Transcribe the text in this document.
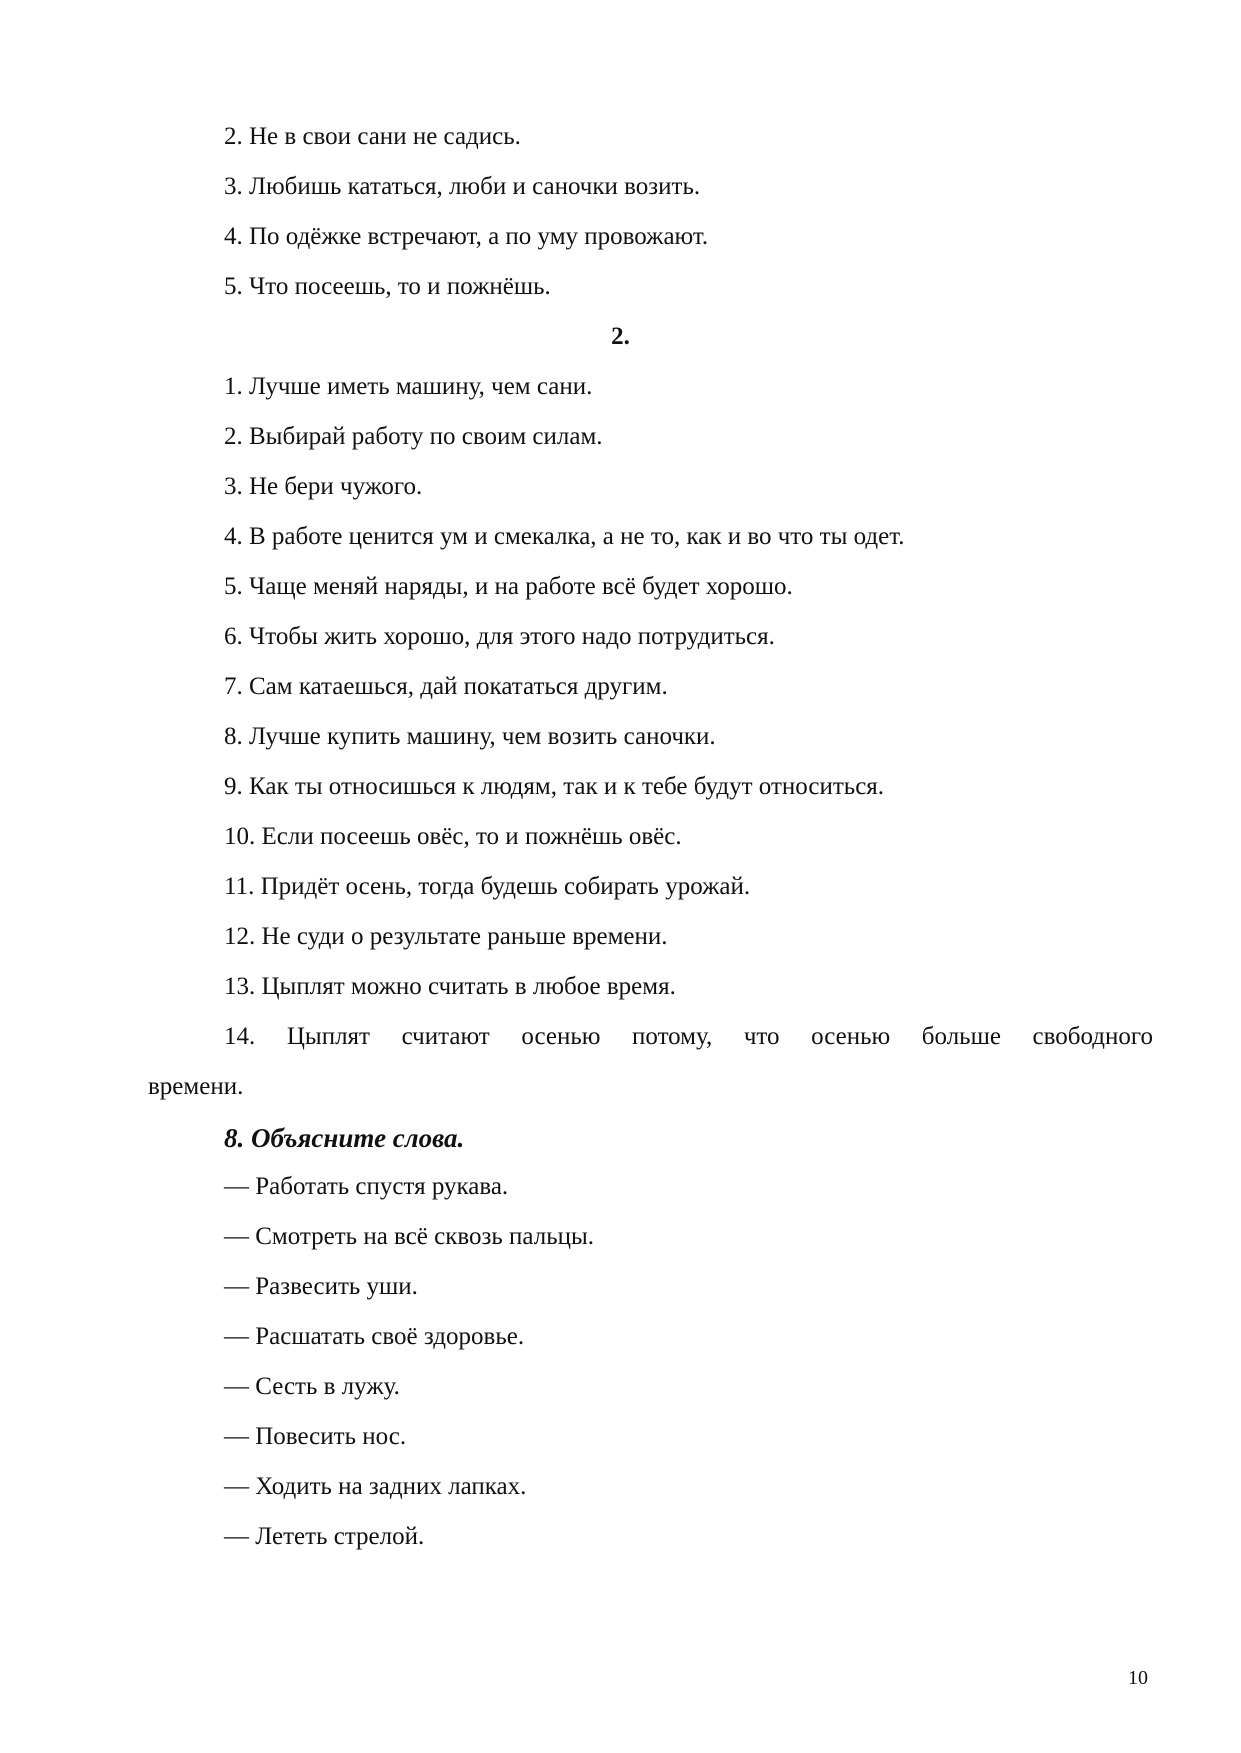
2. Не в свои сани не садись.
3. Любишь кататься, люби и саночки возить.
4. По одёжке встречают, а по уму провожают.
5. Что посеешь, то и пожнёшь.
2.
1. Лучше иметь машину, чем сани.
2. Выбирай работу по своим силам.
3. Не бери чужого.
4. В работе ценится ум и смекалка, а не то, как и во что ты одет.
5. Чаще меняй наряды, и на работе всё будет хорошо.
6. Чтобы жить хорошо, для этого надо потрудиться.
7. Сам катаешься, дай покататься другим.
8. Лучше купить машину, чем возить саночки.
9. Как ты относишься к людям, так и к тебе будут относиться.
10. Если посеешь овёс, то и пожнёшь овёс.
11. Придёт осень, тогда будешь собирать урожай.
12. Не суди о результате раньше времени.
13. Цыплят можно считать в любое время.
14. Цыплят считают осенью потому, что осенью больше свободного
времени.
8. Объясните слова.
— Работать спустя рукава.
— Смотреть на всё сквозь пальцы.
— Развесить уши.
— Расшатать своё здоровье.
— Сесть в лужу.
— Повесить нос.
— Ходить на задних лапках.
— Лететь стрелой.
10
